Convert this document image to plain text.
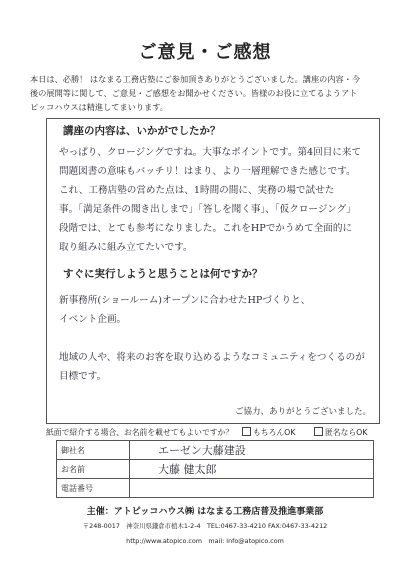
ご意見・ご感想
本日は、必勝！ はなまる工務店塾にご参加頂きありがとうございました。講座の内容・今
後の展開等に関して、ご意見・ご感想をお聞かせください。皆様のお役に立てるようアト
ピッコハウスは精進してまいります。
講座の内容は、いかがでしたか？
やっぱり、クロージングですね。大事なポイントです。第4回目に来て
問題図書の意味もバッチリ！はまり、より一層理解できた感じです。
これ、工務店塾の営めた点は、1時間の間に、実務の場で試せた
事。「満足条件の聞き出しまで」「答しを聞く事」、「仮クロージング」
段階では、とても参考になりました。これをHPでかうめて全面的に
取り組みに組み立てたいです。
すぐに実行しようと思うことは何ですか？
新事務所(ショールーム)オープンに合わせたHPづくりと、
イベント企画。

地域の人や、将来のお客を取り込めるようなコミュニティをつくるのが
目標です。
ご協力、ありがとうございました。
紙面で紹介する場合、お名前を載せてもよいですか？	もちろんOK	匿名ならOK
御社名	エーゼン大藤建設
お名前	大藤 健太郎
電話番号	
主催：アトピッコハウス㈱ はなまる工務店普及推進事業部
〒248-0017　神奈川県鎌倉市植木1-2-4　TEL:0467-33-4210 FAX:0467-33-4212
http://www.atopico.com　mail: info@atopico.com
